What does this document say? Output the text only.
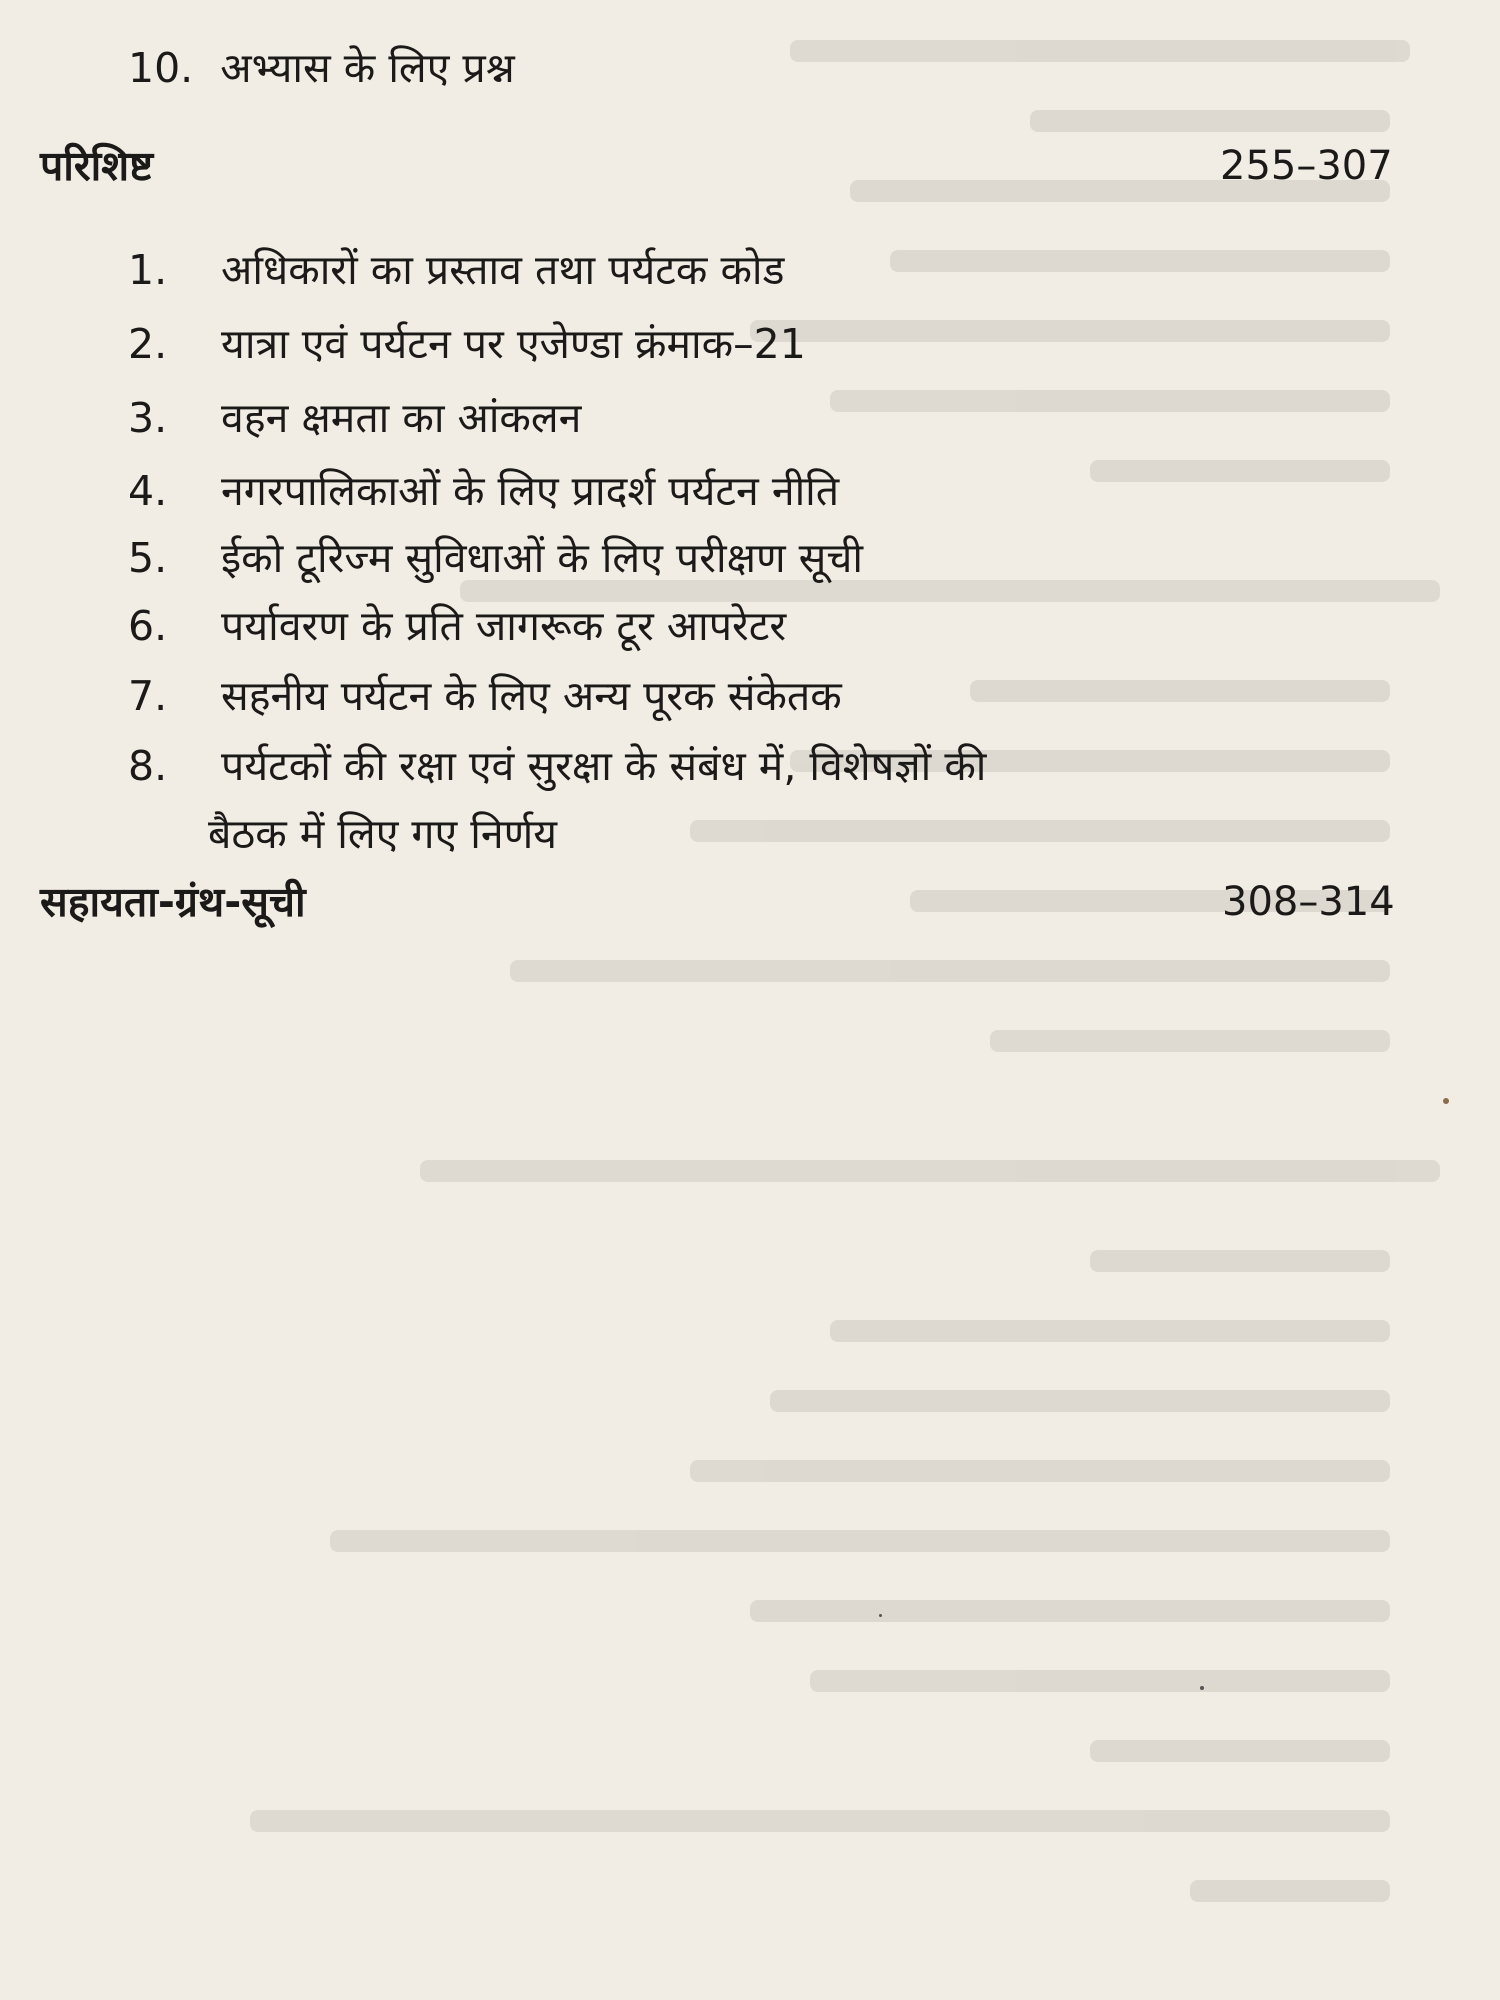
10. अभ्यास के लिए प्रश्न
परिशिष्ट	255–307
1. अधिकारों का प्रस्ताव तथा पर्यटक कोड
2. यात्रा एवं पर्यटन पर एजेण्डा क्रंमाक–21
3. वहन क्षमता का आंकलन
4. नगरपालिकाओं के लिए प्रादर्श पर्यटन नीति
5. ईको टूरिज्म सुविधाओं के लिए परीक्षण सूची
6. पर्यावरण के प्रति जागरूक टूर आपरेटर
7. सहनीय पर्यटन के लिए अन्य पूरक संकेतक
8. पर्यटकों की रक्षा एवं सुरक्षा के संबंध में, विशेषज्ञों की
बैठक में लिए गए निर्णय
सहायता-ग्रंथ-सूची	308–314
